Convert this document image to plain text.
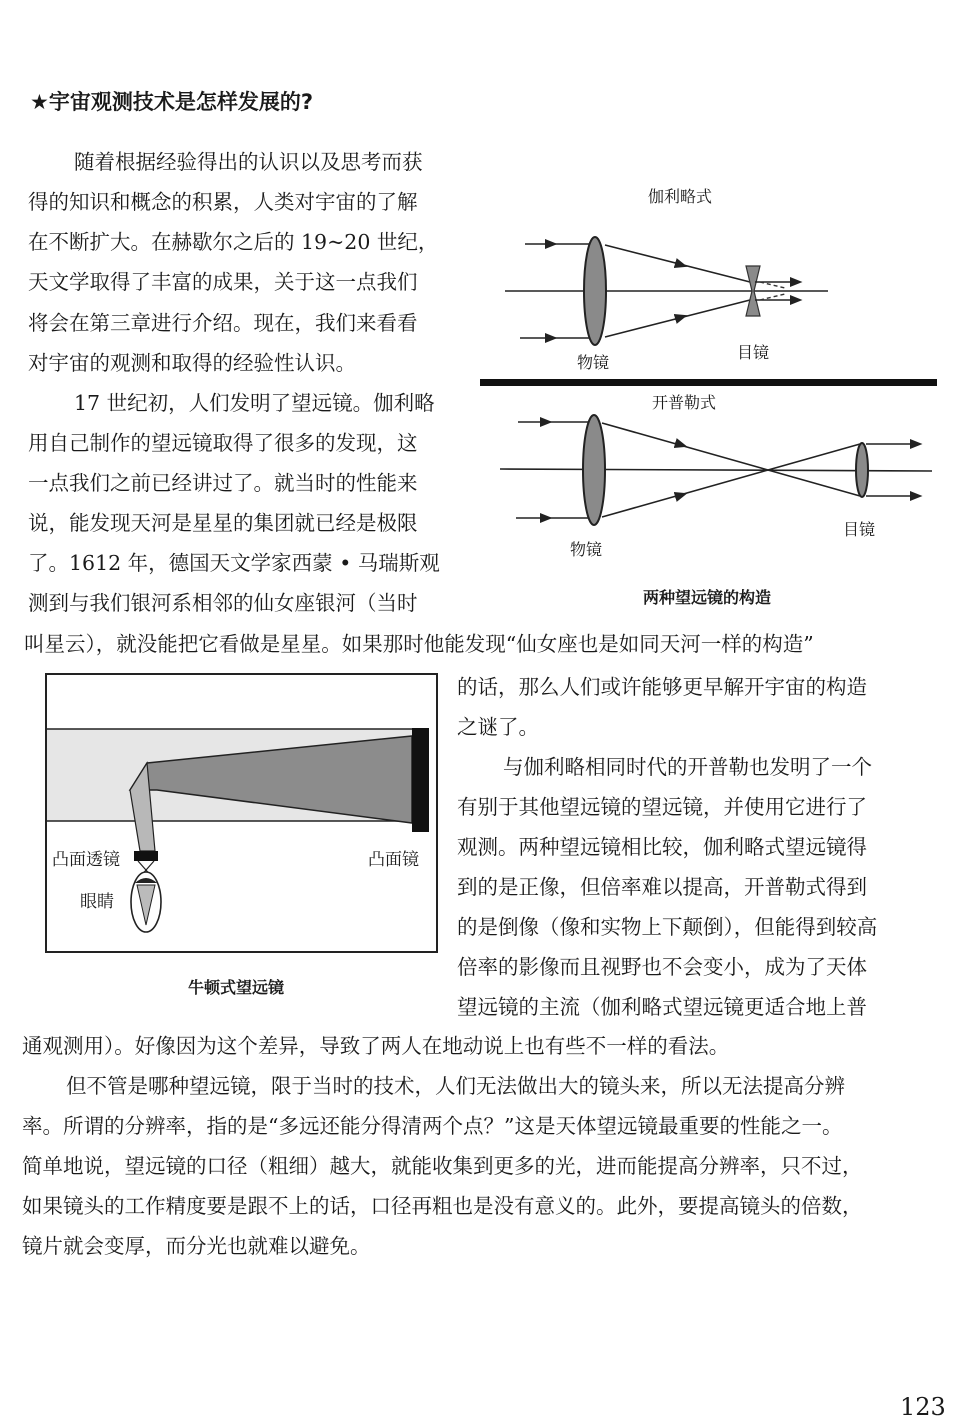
★宇宙观测技术是怎样发展的?
随着根据经验得出的认识以及思考而获
得的知识和概念的积累，人类对宇宙的了解
在不断扩大。在赫歇尔之后的 19~20 世纪，
天文学取得了丰富的成果，关于这一点我们
将会在第三章进行介绍。现在，我们来看看
对宇宙的观测和取得的经验性认识。
17 世纪初，人们发明了望远镜。伽利略
用自己制作的望远镜取得了很多的发现，这
一点我们之前已经讲过了。就当时的性能来
说，能发现天河是星星的集团就已经是极限
了。1612 年，德国天文学家西蒙 • 马瑞斯观
测到与我们银河系相邻的仙女座银河（当时
叫星云），就没能把它看做是星星。如果那时他能发现“仙女座也是如同天河一样的构造”
的话，那么人们或许能够更早解开宇宙的构造
之谜了。
与伽利略相同时代的开普勒也发明了一个
有别于其他望远镜的望远镜，并使用它进行了
观测。两种望远镜相比较，伽利略式望远镜得
到的是正像，但倍率难以提高，开普勒式得到
的是倒像（像和实物上下颠倒），但能得到较高
倍率的影像而且视野也不会变小，成为了天体
望远镜的主流（伽利略式望远镜更适合地上普
通观测用）。好像因为这个差异，导致了两人在地动说上也有些不一样的看法。
但不管是哪种望远镜，限于当时的技术，人们无法做出大的镜头来，所以无法提高分辨
率。所谓的分辨率，指的是“多远还能分得清两个点？”这是天体望远镜最重要的性能之一。
简单地说，望远镜的口径（粗细）越大，就能收集到更多的光，进而能提高分辨率，只不过，
如果镜头的工作精度要是跟不上的话，口径再粗也是没有意义的。此外，要提高镜头的倍数，
镜片就会变厚，而分光也就难以避免。
伽利略式
物镜
目镜
开普勒式
物镜
目镜
两种望远镜的构造
凸面透镜	凸面镜
眼睛
牛顿式望远镜
123
